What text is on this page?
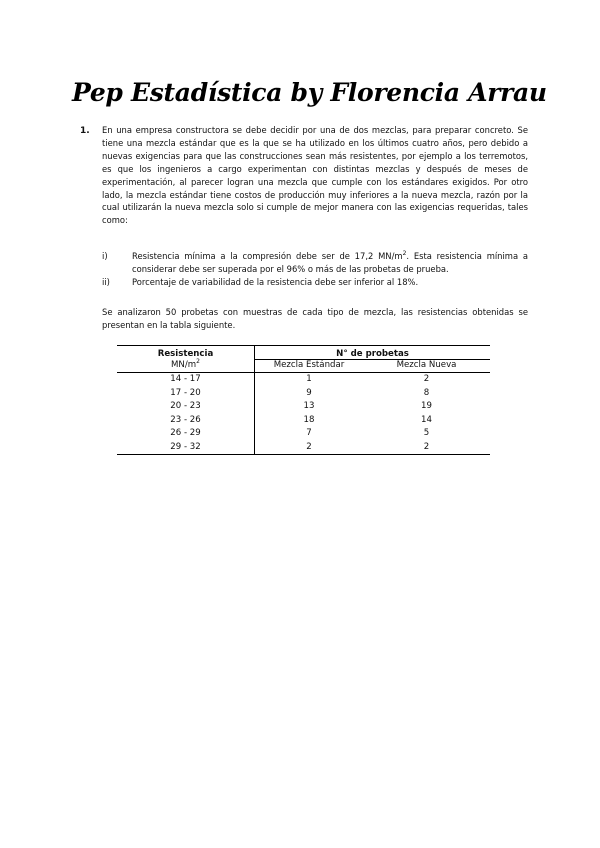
Pep Estadística by Florencia Arrau
1. En una empresa constructora se debe decidir por una de dos mezclas, para preparar concreto. Se tiene una mezcla estándar que es la que se ha utilizado en los últimos cuatro años, pero debido a nuevas exigencias para que las construcciones sean más resistentes, por ejemplo a los terremotos, es que los ingenieros a cargo experimentan con distintas mezclas y después de meses de experimentación, al parecer logran una mezcla que cumple con los estándares exigidos. Por otro lado, la mezcla estándar tiene costos de producción muy inferiores a la nueva mezcla, razón por la cual utilizarán la nueva mezcla solo si cumple de mejor manera con las exigencias requeridas, tales como:
i)	Resistencia mínima a la compresión debe ser de 17,2 $MN/m^2$. Esta resistencia mínima a considerar debe ser superada por el 96% o más de las probetas de prueba.
ii)	Porcentaje de variabilidad de la resistencia debe ser inferior al 18%.
Se analizaron 50 probetas con muestras de cada tipo de mezcla, las resistencias obtenidas se presentan en la tabla siguiente.
Resistencia	N° de probetas	
$MN/m^2$	Mezcla Estándar	Mezcla Nueva
14 - 17	1	2
17 - 20	9	8
20 - 23	13	19
23 - 26	18	14
26 - 29	7	5
29 - 32	2	2
